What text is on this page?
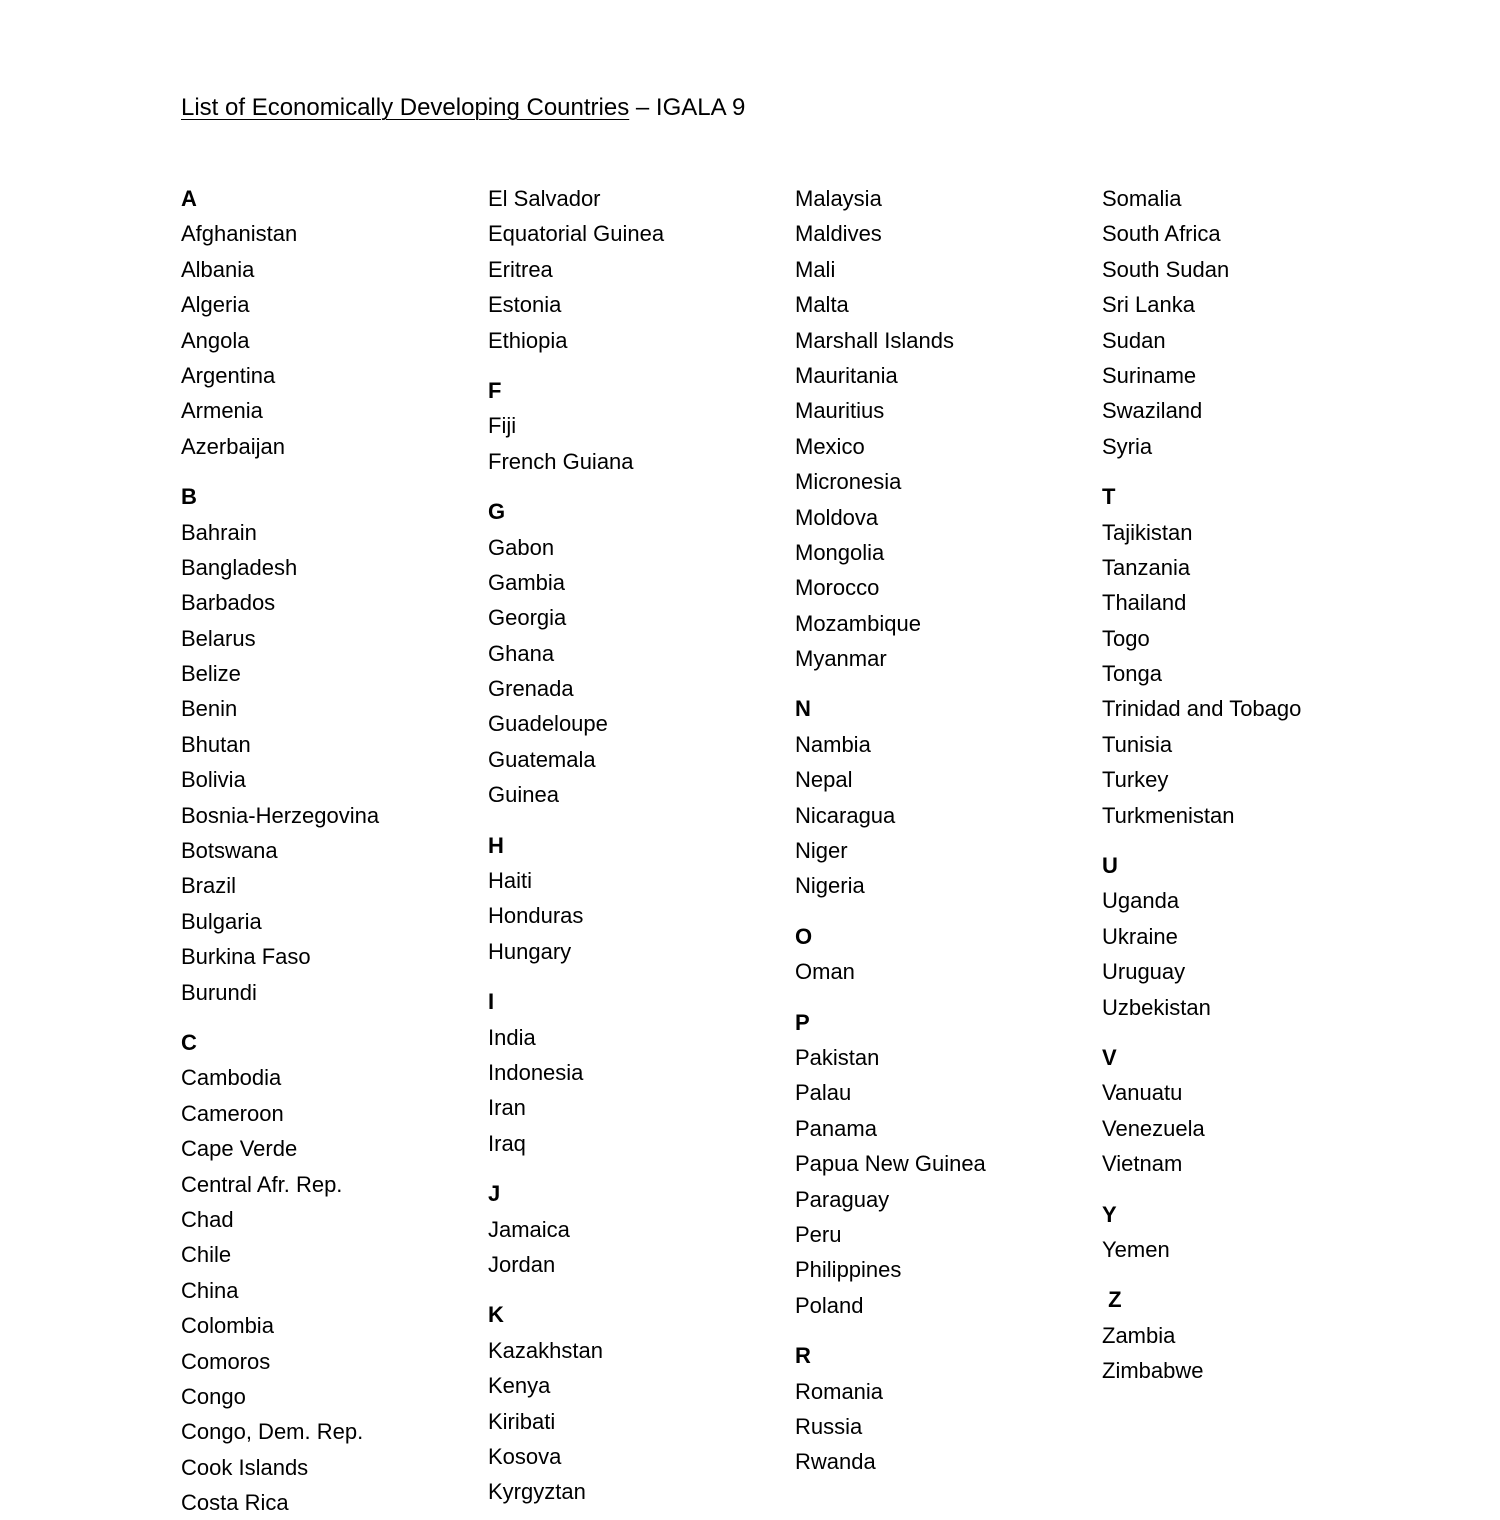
List of Economically Developing Countries – IGALA 9
A
Afghanistan
Albania
Algeria
Angola
Argentina
Armenia
Azerbaijan
B
Bahrain
Bangladesh
Barbados
Belarus
Belize
Benin
Bhutan
Bolivia
Bosnia-Herzegovina
Botswana
Brazil
Bulgaria
Burkina Faso
Burundi
C
Cambodia
Cameroon
Cape Verde
Central Afr. Rep.
Chad
Chile
China
Colombia
Comoros
Congo
Congo, Dem. Rep.
Cook Islands
Costa Rica
El Salvador
Equatorial Guinea
Eritrea
Estonia
Ethiopia
F
Fiji
French Guiana
G
Gabon
Gambia
Georgia
Ghana
Grenada
Guadeloupe
Guatemala
Guinea
H
Haiti
Honduras
Hungary
I
India
Indonesia
Iran
Iraq
J
Jamaica
Jordan
K
Kazakhstan
Kenya
Kiribati
Kosova
Kyrgyztan
Malaysia
Maldives
Mali
Malta
Marshall Islands
Mauritania
Mauritius
Mexico
Micronesia
Moldova
Mongolia
Morocco
Mozambique
Myanmar
N
Nambia
Nepal
Nicaragua
Niger
Nigeria
O
Oman
P
Pakistan
Palau
Panama
Papua New Guinea
Paraguay
Peru
Philippines
Poland
R
Romania
Russia
Rwanda
Somalia
South Africa
South Sudan
Sri Lanka
Sudan
Suriname
Swaziland
Syria
T
Tajikistan
Tanzania
Thailand
Togo
Tonga
Trinidad and Tobago
Tunisia
Turkey
Turkmenistan
U
Uganda
Ukraine
Uruguay
Uzbekistan
V
Vanuatu
Venezuela
Vietnam
Y
Yemen
Z
Zambia
Zimbabwe
